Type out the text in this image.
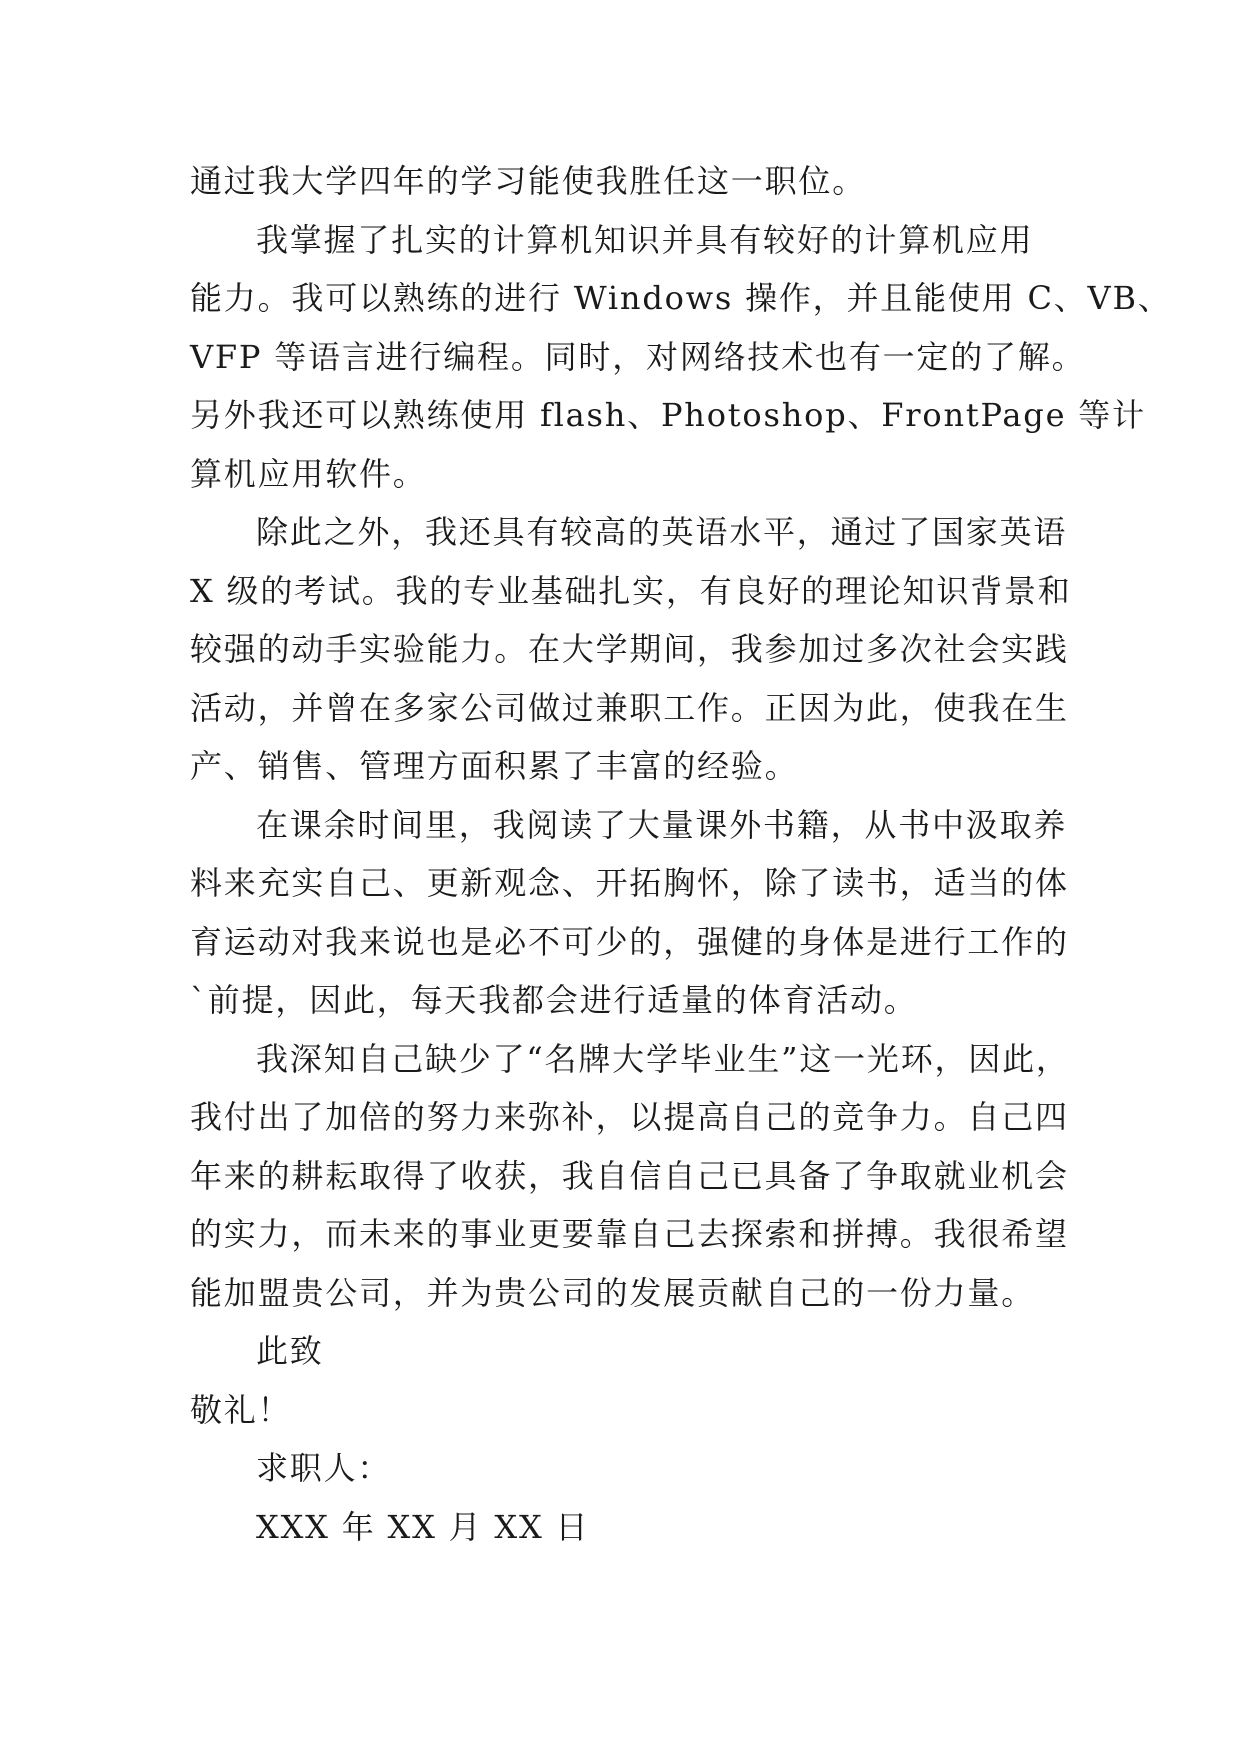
通过我大学四年的学习能使我胜任这一职位。
我掌握了扎实的计算机知识并具有较好的计算机应用
能力。我可以熟练的进行 Windows 操作，并且能使用 C、VB、
VFP 等语言进行编程。同时，对网络技术也有一定的了解。
另外我还可以熟练使用 flash、Photoshop、FrontPage 等计
算机应用软件。
除此之外，我还具有较高的英语水平，通过了国家英语
X 级的考试。我的专业基础扎实，有良好的理论知识背景和
较强的动手实验能力。在大学期间，我参加过多次社会实践
活动，并曾在多家公司做过兼职工作。正因为此，使我在生
产、销售、管理方面积累了丰富的经验。
在课余时间里，我阅读了大量课外书籍，从书中汲取养
料来充实自己、更新观念、开拓胸怀，除了读书，适当的体
育运动对我来说也是必不可少的，强健的身体是进行工作的
`前提，因此，每天我都会进行适量的体育活动。
我深知自己缺少了“名牌大学毕业生”这一光环，因此，
我付出了加倍的努力来弥补，以提高自己的竞争力。自己四
年来的耕耘取得了收获，我自信自己已具备了争取就业机会
的实力，而未来的事业更要靠自己去探索和拼搏。我很希望
能加盟贵公司，并为贵公司的发展贡献自己的一份力量。
此致
敬礼！
求职人：
XXX 年 XX 月 XX 日
